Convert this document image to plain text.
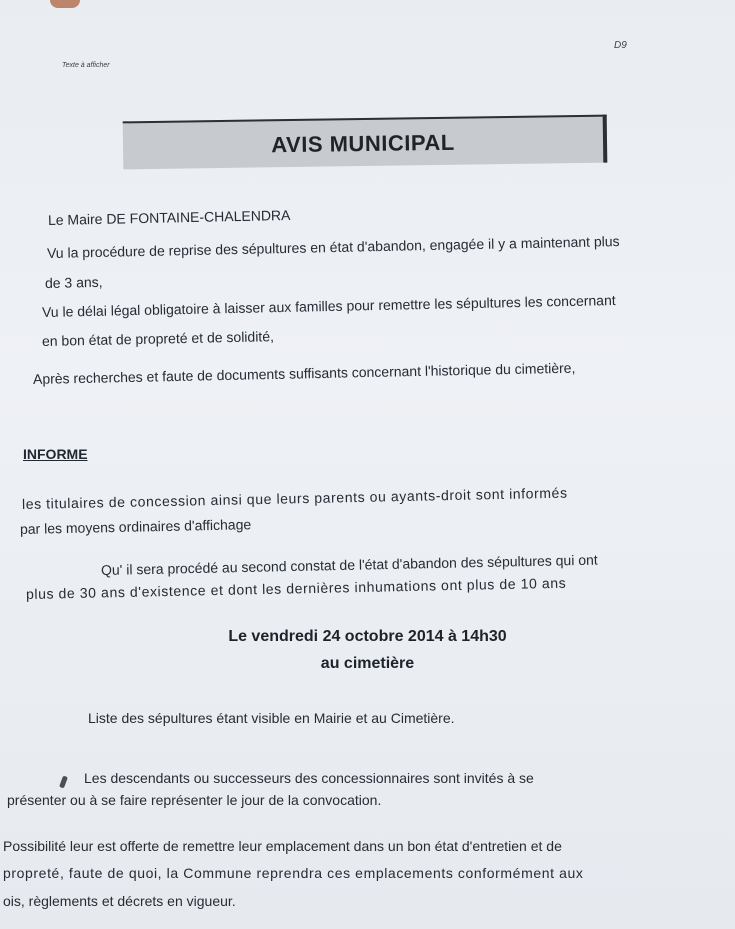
Texte à afficher
D9
AVIS MUNICIPAL
Le Maire DE FONTAINE-CHALENDRA
Vu la procédure de reprise des sépultures en état d'abandon, engagée il y a maintenant plus
de 3 ans,
Vu le délai légal obligatoire à laisser aux familles pour remettre les sépultures les concernant
en bon état de propreté et de solidité,
Après recherches et faute de documents suffisants concernant l'historique du cimetière,
INFORME
les titulaires de concession ainsi que leurs parents ou ayants-droit sont informés
par les moyens ordinaires d'affichage
Qu' il sera procédé au second constat de l'état d'abandon des sépultures qui ont
plus de 30 ans d'existence et dont les dernières inhumations ont plus de 10 ans
Le vendredi 24 octobre 2014 à 14h30
au cimetière
Liste des sépultures étant visible en Mairie et au Cimetière.
Les descendants ou successeurs des concessionnaires sont invités à se
présenter ou à se faire représenter le jour de la convocation.
Possibilité leur est offerte de remettre leur emplacement dans un bon état d'entretien et de
propreté, faute de quoi, la Commune reprendra ces emplacements conformément aux
ois, règlements et décrets en vigueur.
